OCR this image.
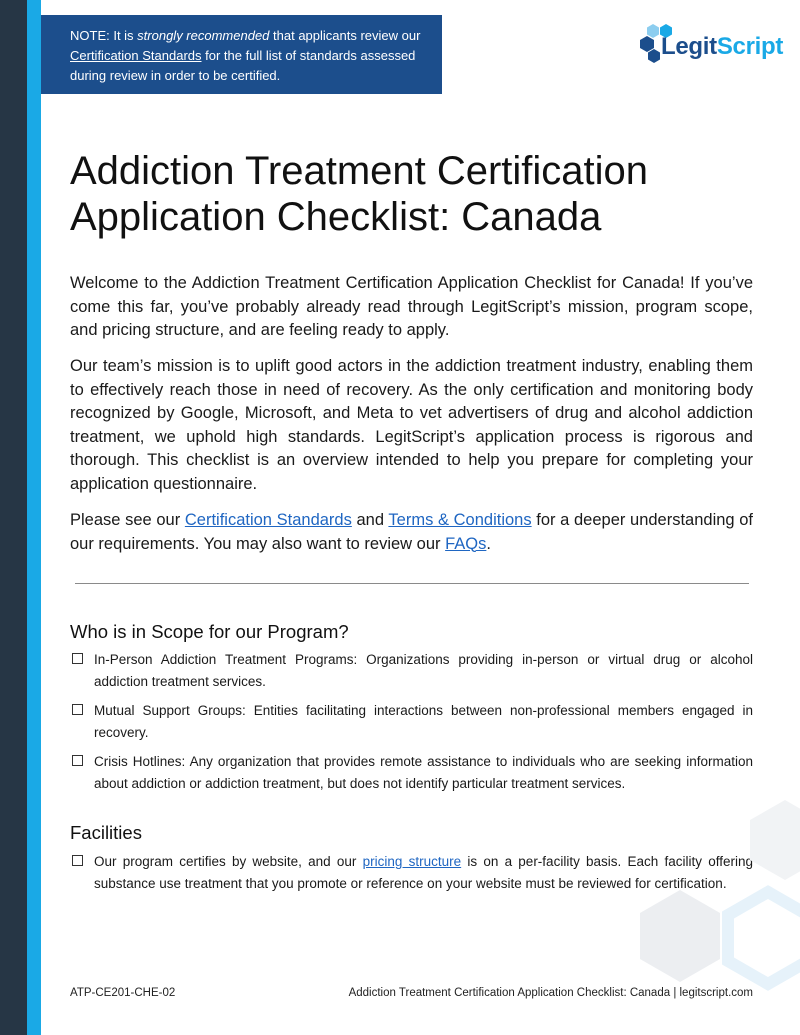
NOTE: It is strongly recommended that applicants review our Certification Standards for the full list of standards assessed during review in order to be certified.
LegitScript
Addiction Treatment Certification
Application Checklist: Canada

Welcome to the Addiction Treatment Certification Application Checklist for Canada! If you’ve come this far, you’ve probably already read through LegitScript’s mission, program scope, and pricing structure, and are feeling ready to apply.

Our team’s mission is to uplift good actors in the addiction treatment industry, enabling them to effectively reach those in need of recovery. As the only certification and monitoring body recognized by Google, Microsoft, and Meta to vet advertisers of drug and alcohol addiction treatment, we uphold high standards. LegitScript’s application process is rigorous and thorough. This checklist is an overview intended to help you prepare for completing your application questionnaire.

Please see our Certification Standards and Terms & Conditions for a deeper understanding of our requirements. You may also want to review our FAQs.

Who is in Scope for our Program?
In-Person Addiction Treatment Programs: Organizations providing in-person or virtual drug or alcohol addiction treatment services.
Mutual Support Groups: Entities facilitating interactions between non-professional members engaged in recovery.
Crisis Hotlines: Any organization that provides remote assistance to individuals who are seeking information about addiction or addiction treatment, but does not identify particular treatment services.
Facilities
Our program certifies by website, and our pricing structure is on a per-facility basis. Each facility offering substance use treatment that you promote or reference on your website must be reviewed for certification.
ATP-CE201-CHE-02	Addiction Treatment Certification Application Checklist: Canada | legitscript.com
